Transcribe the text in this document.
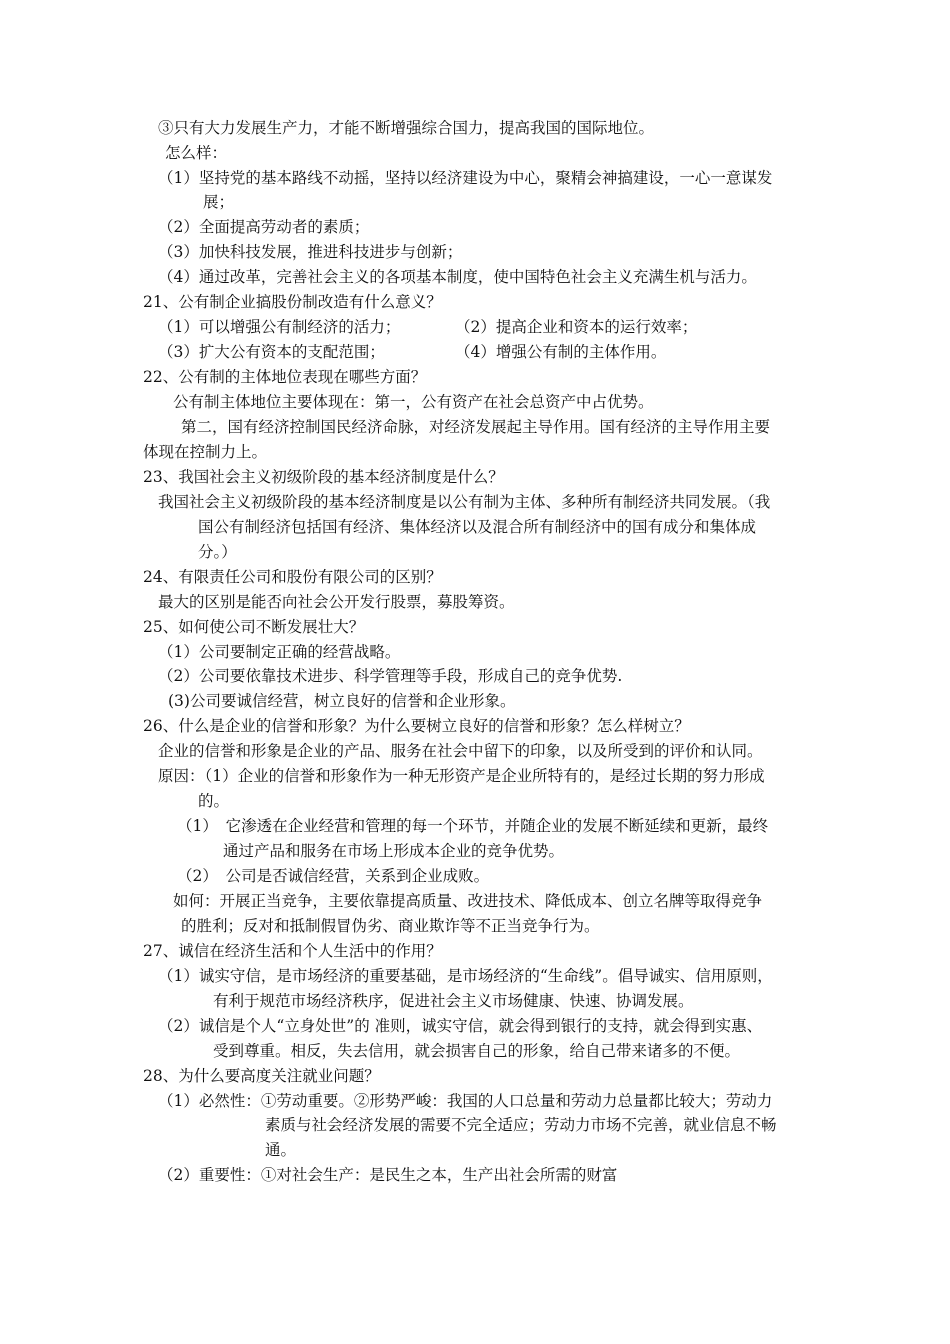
③只有大力发展生产力，才能不断增强综合国力，提高我国的国际地位。
怎么样：
（1）坚持党的基本路线不动摇，坚持以经济建设为中心，聚精会神搞建设，一心一意谋发
展；
（2）全面提高劳动者的素质；
（3）加快科技发展，推进科技进步与创新；
（4）通过改革，完善社会主义的各项基本制度，使中国特色社会主义充满生机与活力。
21、公有制企业搞股份制改造有什么意义？
（1）可以增强公有制经济的活力；	（2）提高企业和资本的运行效率；
（3）扩大公有资本的支配范围；	（4）增强公有制的主体作用。
22、公有制的主体地位表现在哪些方面？
公有制主体地位主要体现在：第一，公有资产在社会总资产中占优势。
第二，国有经济控制国民经济命脉，对经济发展起主导作用。国有经济的主导作用主要
体现在控制力上。
23、我国社会主义初级阶段的基本经济制度是什么？
我国社会主义初级阶段的基本经济制度是以公有制为主体、多种所有制经济共同发展。（我
国公有制经济包括国有经济、集体经济以及混合所有制经济中的国有成分和集体成
分。）
24、有限责任公司和股份有限公司的区别？
最大的区别是能否向社会公开发行股票，募股筹资。
25、如何使公司不断发展壮大？
（1）公司要制定正确的经营战略。
（2）公司要依靠技术进步、科学管理等手段，形成自己的竞争优势.
(3)公司要诚信经营，树立良好的信誉和企业形象。
26、什么是企业的信誉和形象？为什么要树立良好的信誉和形象？怎么样树立？
企业的信誉和形象是企业的产品、服务在社会中留下的印象，以及所受到的评价和认同。
原因：（1）企业的信誉和形象作为一种无形资产是企业所特有的，是经过长期的努力形成
的。
（1）　它渗透在企业经营和管理的每一个环节，并随企业的发展不断延续和更新，最终
通过产品和服务在市场上形成本企业的竞争优势。
（2）　公司是否诚信经营，关系到企业成败。
如何：开展正当竞争，主要依靠提高质量、改进技术、降低成本、创立名牌等取得竞争
的胜利；反对和抵制假冒伪劣、商业欺诈等不正当竞争行为。
27、诚信在经济生活和个人生活中的作用？
（1）诚实守信，是市场经济的重要基础，是市场经济的“生命线”。倡导诚实、信用原则，
有利于规范市场经济秩序，促进社会主义市场健康、快速、协调发展。
（2）诚信是个人“立身处世”的 准则，诚实守信，就会得到银行的支持，就会得到实惠、
受到尊重。相反，失去信用，就会损害自己的形象，给自己带来诸多的不便。
28、为什么要高度关注就业问题？
（1）必然性：①劳动重要。②形势严峻：我国的人口总量和劳动力总量都比较大；劳动力
素质与社会经济发展的需要不完全适应；劳动力市场不完善，就业信息不畅
通。
（2）重要性：①对社会生产：是民生之本，生产出社会所需的财富
